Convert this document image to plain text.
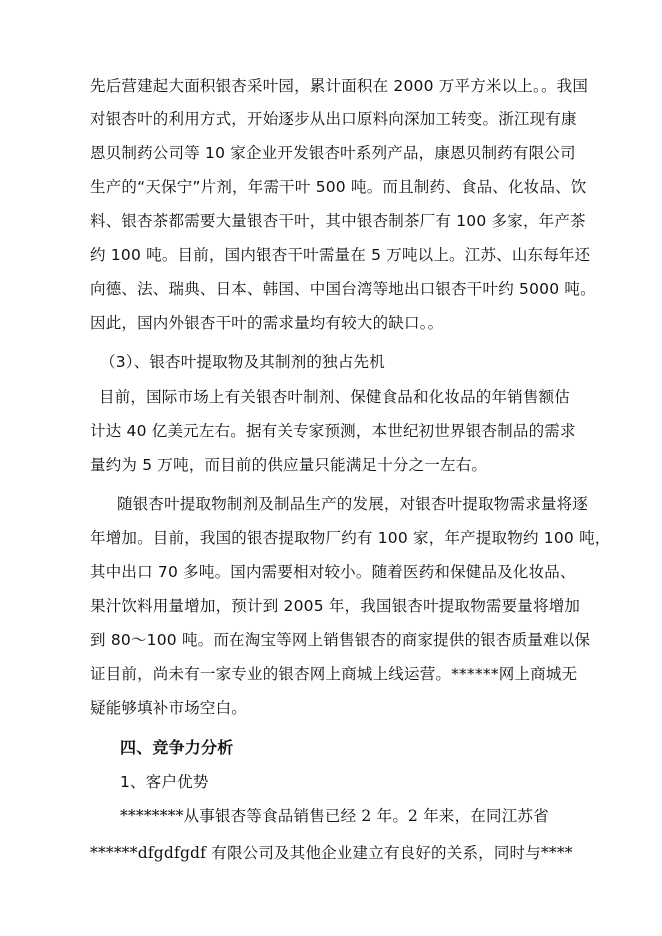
先后营建起大面积银杏采叶园，累计面积在 2000 万平方米以上。。我国
对银杏叶的利用方式，开始逐步从出口原料向深加工转变。浙江现有康
恩贝制药公司等 10 家企业开发银杏叶系列产品，康恩贝制药有限公司
生产的“天保宁”片剂，年需干叶 500 吨。而且制药、食品、化妆品、饮
料、银杏茶都需要大量银杏干叶，其中银杏制茶厂有 100 多家，年产茶
约 100 吨。目前，国内银杏干叶需量在 5 万吨以上。江苏、山东每年还
向德、法、瑞典、日本、韩国、中国台湾等地出口银杏干叶约 5000 吨。
因此，国内外银杏干叶的需求量均有较大的缺口。。
（3）、银杏叶提取物及其制剂的独占先机
目前，国际市场上有关银杏叶制剂、保健食品和化妆品的年销售额估
计达 40 亿美元左右。据有关专家预测，本世纪初世界银杏制品的需求
量约为 5 万吨，而目前的供应量只能满足十分之一左右。
随银杏叶提取物制剂及制品生产的发展，对银杏叶提取物需求量将逐
年增加。目前，我国的银杏提取物厂约有 100 家，年产提取物约 100 吨，
其中出口 70 多吨。国内需要相对较小。随着医药和保健品及化妆品、
果汁饮料用量增加，预计到 2005 年，我国银杏叶提取物需要量将增加
到 80～100 吨。而在淘宝等网上销售银杏的商家提供的银杏质量难以保
证目前，尚未有一家专业的银杏网上商城上线运营。******网上商城无
疑能够填补市场空白。
四、竞争力分析
1、客户优势
********从事银杏等食品销售已经 2 年。2 年来，在同江苏省
******dfgdfgdf 有限公司及其他企业建立有良好的关系，同时与****
